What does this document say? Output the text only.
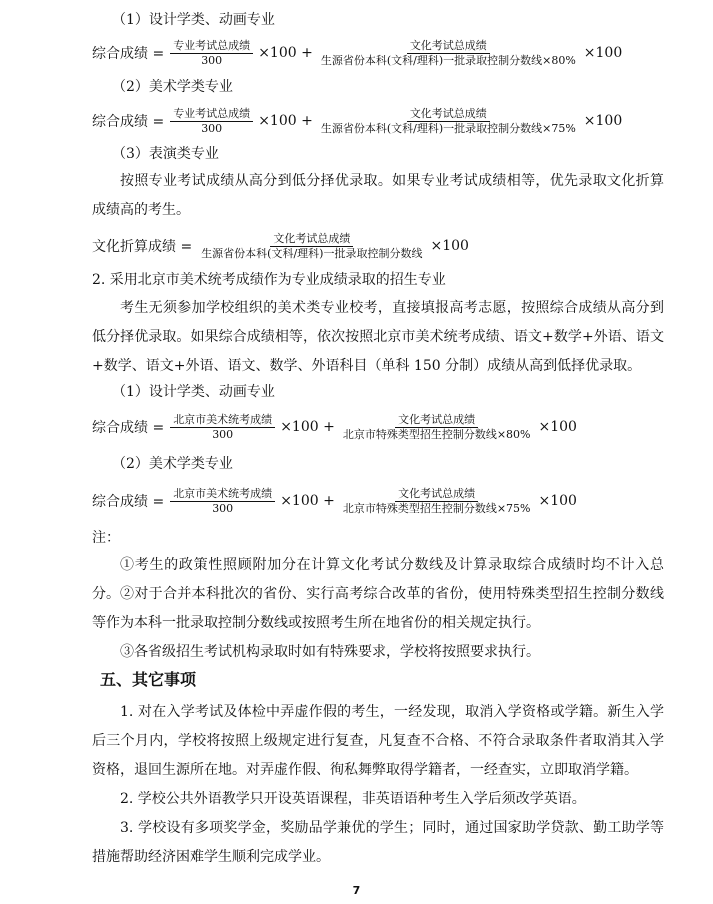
（1）设计学类、动画专业
综合成绩 = $\frac{\text{专业考试总成绩}}{300} \times 100 + \frac{\text{文化考试总成绩}}{\text{生源省份本科(文科/理科)一批录取控制分数线×80\%}} \times 100$
（2）美术学类专业
综合成绩 = $\frac{\text{专业考试总成绩}}{300} \times 100 + \frac{\text{文化考试总成绩}}{\text{生源省份本科(文科/理科)一批录取控制分数线×75\%}} \times 100$
（3）表演类专业
按照专业考试成绩从高分到低分择优录取。如果专业考试成绩相等，优先录取文化折算成绩高的考生。
文化折算成绩 = $\frac{\text{文化考试总成绩}}{\text{生源省份本科(文科/理科)一批录取控制分数线}} \times 100$
2. 采用北京市美术统考成绩作为专业成绩录取的招生专业
考生无须参加学校组织的美术类专业校考，直接填报高考志愿，按照综合成绩从高分到低分择优录取。如果综合成绩相等，依次按照北京市美术统考成绩、语文+数学+外语、语文+数学、语文+外语、语文、数学、外语科目（单科 150 分制）成绩从高到低择优录取。
（1）设计学类、动画专业
综合成绩 = $\frac{\text{北京市美术统考成绩}}{300} \times 100 + \frac{\text{文化考试总成绩}}{\text{北京市特殊类型招生控制分数线×80\%}} \times 100$
（2）美术学类专业
综合成绩 = $\frac{\text{北京市美术统考成绩}}{300} \times 100 + \frac{\text{文化考试总成绩}}{\text{北京市特殊类型招生控制分数线×75\%}} \times 100$
注：
①考生的政策性照顾附加分在计算文化考试分数线及计算录取综合成绩时均不计入总分。 ②对于合并本科批次的省份、实行高考综合改革的省份，使用特殊类型招生控制分数线等作为本科一批录取控制分数线或按照考生所在地省份的相关规定执行。
③各省级招生考试机构录取时如有特殊要求，学校将按照要求执行。
五、其它事项
1. 对在入学考试及体检中弄虚作假的考生，一经发现，取消入学资格或学籍。新生入学后三个月内，学校将按照上级规定进行复查，凡复查不合格、不符合录取条件者取消其入学资格，退回生源所在地。对弄虚作假、徇私舞弊取得学籍者，一经查实，立即取消学籍。
2. 学校公共外语教学只开设英语课程，非英语语种考生入学后须改学英语。
3. 学校设有多项奖学金，奖励品学兼优的学生；同时，通过国家助学贷款、勤工助学等措施帮助经济困难学生顺利完成学业。
7
